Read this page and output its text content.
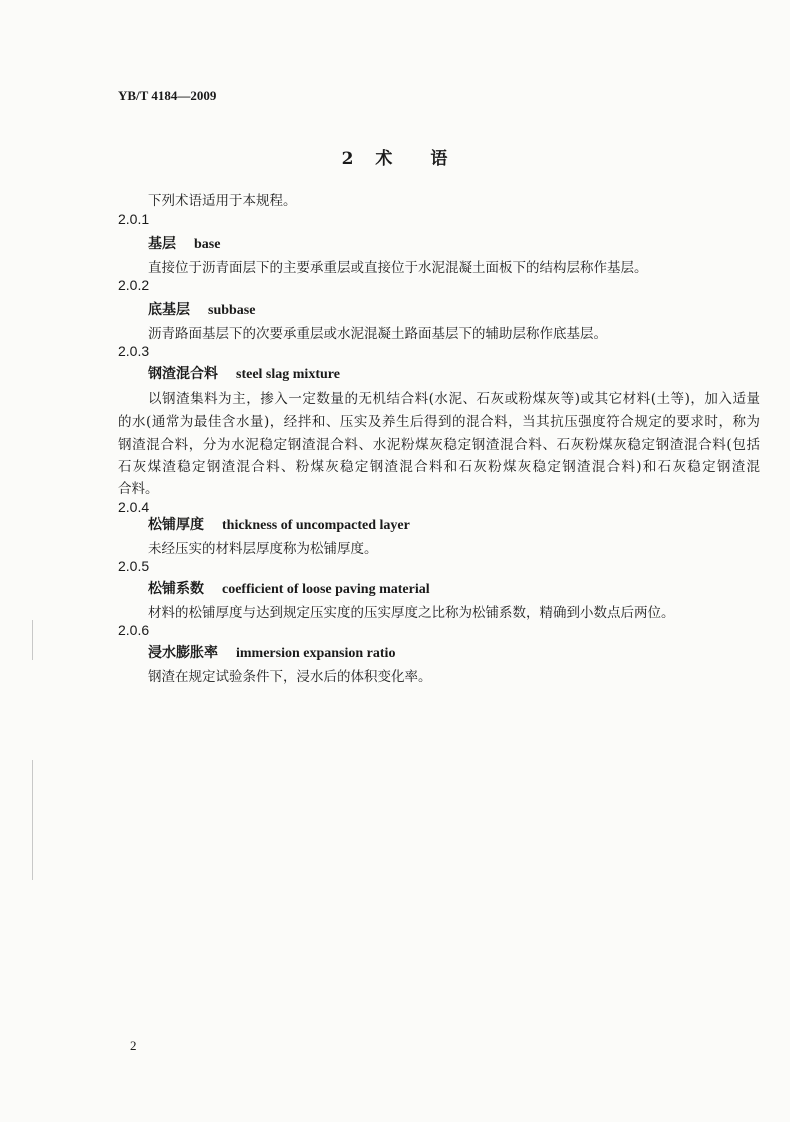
YB/T 4184—2009
2 术 语
下列术语适用于本规程。
2.0.1
基层 base
直接位于沥青面层下的主要承重层或直接位于水泥混凝土面板下的结构层称作基层。
2.0.2
底基层 subbase
沥青路面基层下的次要承重层或水泥混凝土路面基层下的辅助层称作底基层。
2.0.3
钢渣混合料 steel slag mixture
以钢渣集料为主，掺入一定数量的无机结合料(水泥、石灰或粉煤灰等)或其它材料(土等)，加入适量
的水(通常为最佳含水量)，经拌和、压实及养生后得到的混合料，当其抗压强度符合规定的要求时，称为
钢渣混合料，分为水泥稳定钢渣混合料、水泥粉煤灰稳定钢渣混合料、石灰粉煤灰稳定钢渣混合料(包括
石灰煤渣稳定钢渣混合料、粉煤灰稳定钢渣混合料和石灰粉煤灰稳定钢渣混合料)和石灰稳定钢渣混
合料。
2.0.4
松铺厚度 thickness of uncompacted layer
未经压实的材料层厚度称为松铺厚度。
2.0.5
松铺系数 coefficient of loose paving material
材料的松铺厚度与达到规定压实度的压实厚度之比称为松铺系数，精确到小数点后两位。
2.0.6
浸水膨胀率 immersion expansion ratio
钢渣在规定试验条件下，浸水后的体积变化率。
2
